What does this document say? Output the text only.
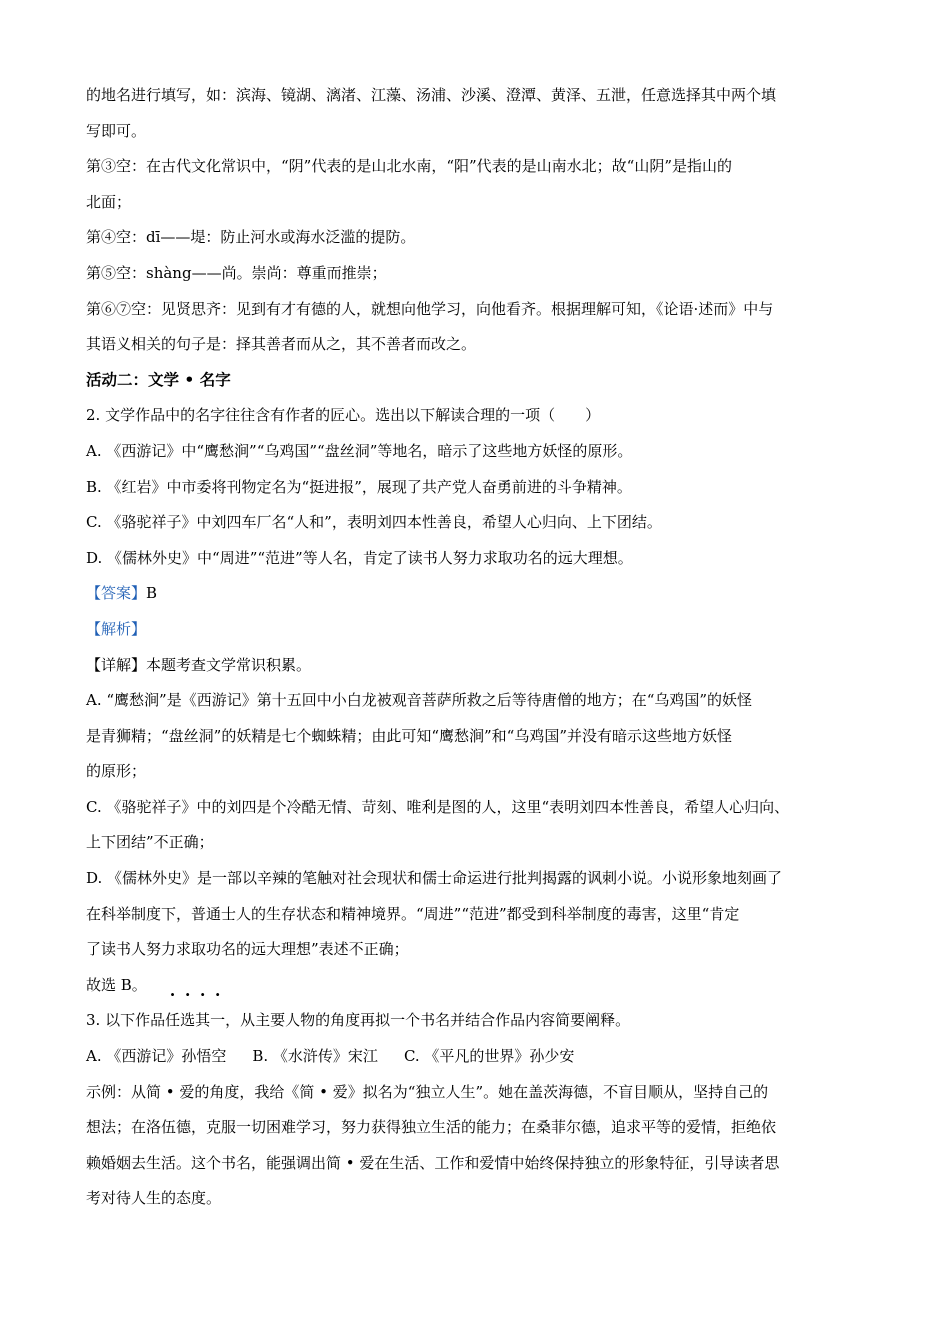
的地名进行填写，如：滨海、镜湖、漓渚、江藻、汤浦、沙溪、澄潭、黄泽、五泄，任意选择其中两个填
写即可。
第③空：在古代文化常识中，“阴”代表的是山北水南，“阳”代表的是山南水北；故“山阴”是指山的
北面；
第④空：dī——堤：防止河水或海水泛滥的提防。
第⑤空：shàng——尚。崇尚：尊重而推崇；
第⑥⑦空：见贤思齐：见到有才有德的人，就想向他学习，向他看齐。根据理解可知，《论语·述而》中与
其语义相关的句子是：择其善者而从之，其不善者而改之。
活动二：文学 • 名字
2. 文学作品中的名字往往含有作者的匠心。选出以下解读合理的一项（　　）
A. 《西游记》中“鹰愁涧”“乌鸡国”“盘丝洞”等地名，暗示了这些地方妖怪的原形。
B. 《红岩》中市委将刊物定名为“挺进报”，展现了共产党人奋勇前进的斗争精神。
C. 《骆驼祥子》中刘四车厂名“人和”，表明刘四本性善良，希望人心归向、上下团结。
D. 《儒林外史》中“周进”“范进”等人名，肯定了读书人努力求取功名的远大理想。
【答案】B
【解析】
【详解】本题考查文学常识积累。
A. “鹰愁涧”是《西游记》第十五回中小白龙被观音菩萨所救之后等待唐僧的地方；在“乌鸡国”的妖怪
是青狮精；“盘丝洞”的妖精是七个蜘蛛精；由此可知“鹰愁涧”和“乌鸡国”并没有暗示这些地方妖怪
的原形；
C. 《骆驼祥子》中的刘四是个冷酷无情、苛刻、唯利是图的人，这里“表明刘四本性善良，希望人心归向、
上下团结”不正确；
D. 《儒林外史》是一部以辛辣的笔触对社会现状和儒士命运进行批判揭露的讽刺小说。小说形象地刻画了
在科举制度下，普通士人的生存状态和精神境界。“周进”“范进”都受到科举制度的毒害，这里“肯定
了读书人努力求取功名的远大理想”表述不正确；
故选 B。
3. 以下作品任选其一，从主要人物的角度再拟一个书名并结合作品内容简要阐释。
A. 《西游记》孙悟空 B. 《水浒传》宋江 C. 《平凡的世界》孙少安
示例：从简 • 爱的角度，我给《简 • 爱》拟名为“独立人生”。她在盖茨海德，不盲目顺从，坚持自己的
想法；在洛伍德，克服一切困难学习，努力获得独立生活的能力；在桑菲尔德，追求平等的爱情，拒绝依
赖婚姻去生活。这个书名，能强调出简 • 爱在生活、工作和爱情中始终保持独立的形象特征，引导读者思
考对待人生的态度。
